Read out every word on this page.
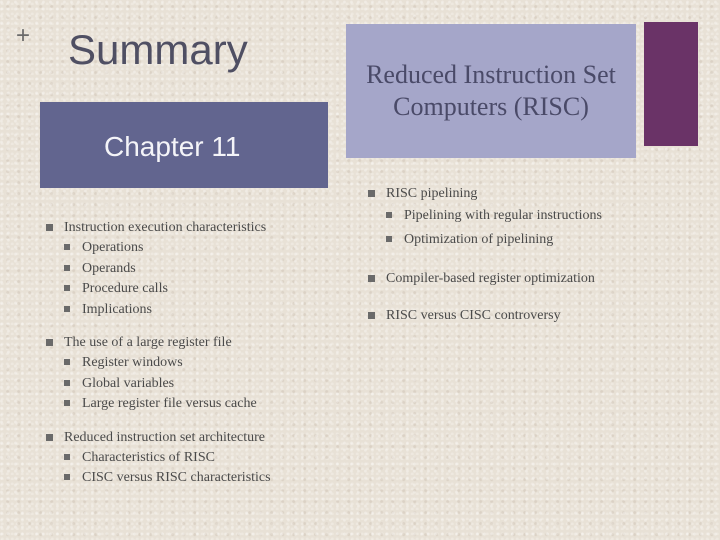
+ Summary
Chapter 11
Reduced Instruction Set Computers (RISC)
Instruction execution characteristics
Operations
Operands
Procedure calls
Implications
The use of a large register file
Register windows
Global variables
Large register file versus cache
Reduced instruction set architecture
Characteristics of RISC
CISC versus RISC characteristics
RISC pipelining
Pipelining with regular instructions
Optimization of pipelining
Compiler-based register optimization
RISC versus CISC controversy
